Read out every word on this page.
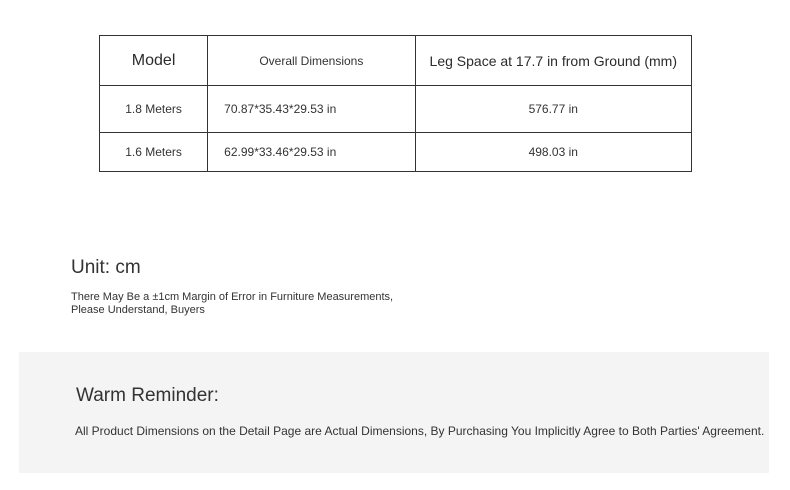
Model	Overall Dimensions	Leg Space at 17.7 in from Ground (mm)
1.8 Meters	70.87*35.43*29.53 in	576.77 in
1.6 Meters	62.99*33.46*29.53 in	498.03 in
Unit: cm
There May Be a ±1cm Margin of Error in Furniture Measurements,
Please Understand, Buyers
Warm Reminder:
All Product Dimensions on the Detail Page are Actual Dimensions, By Purchasing You Implicitly Agree to Both Parties' Agreement.
